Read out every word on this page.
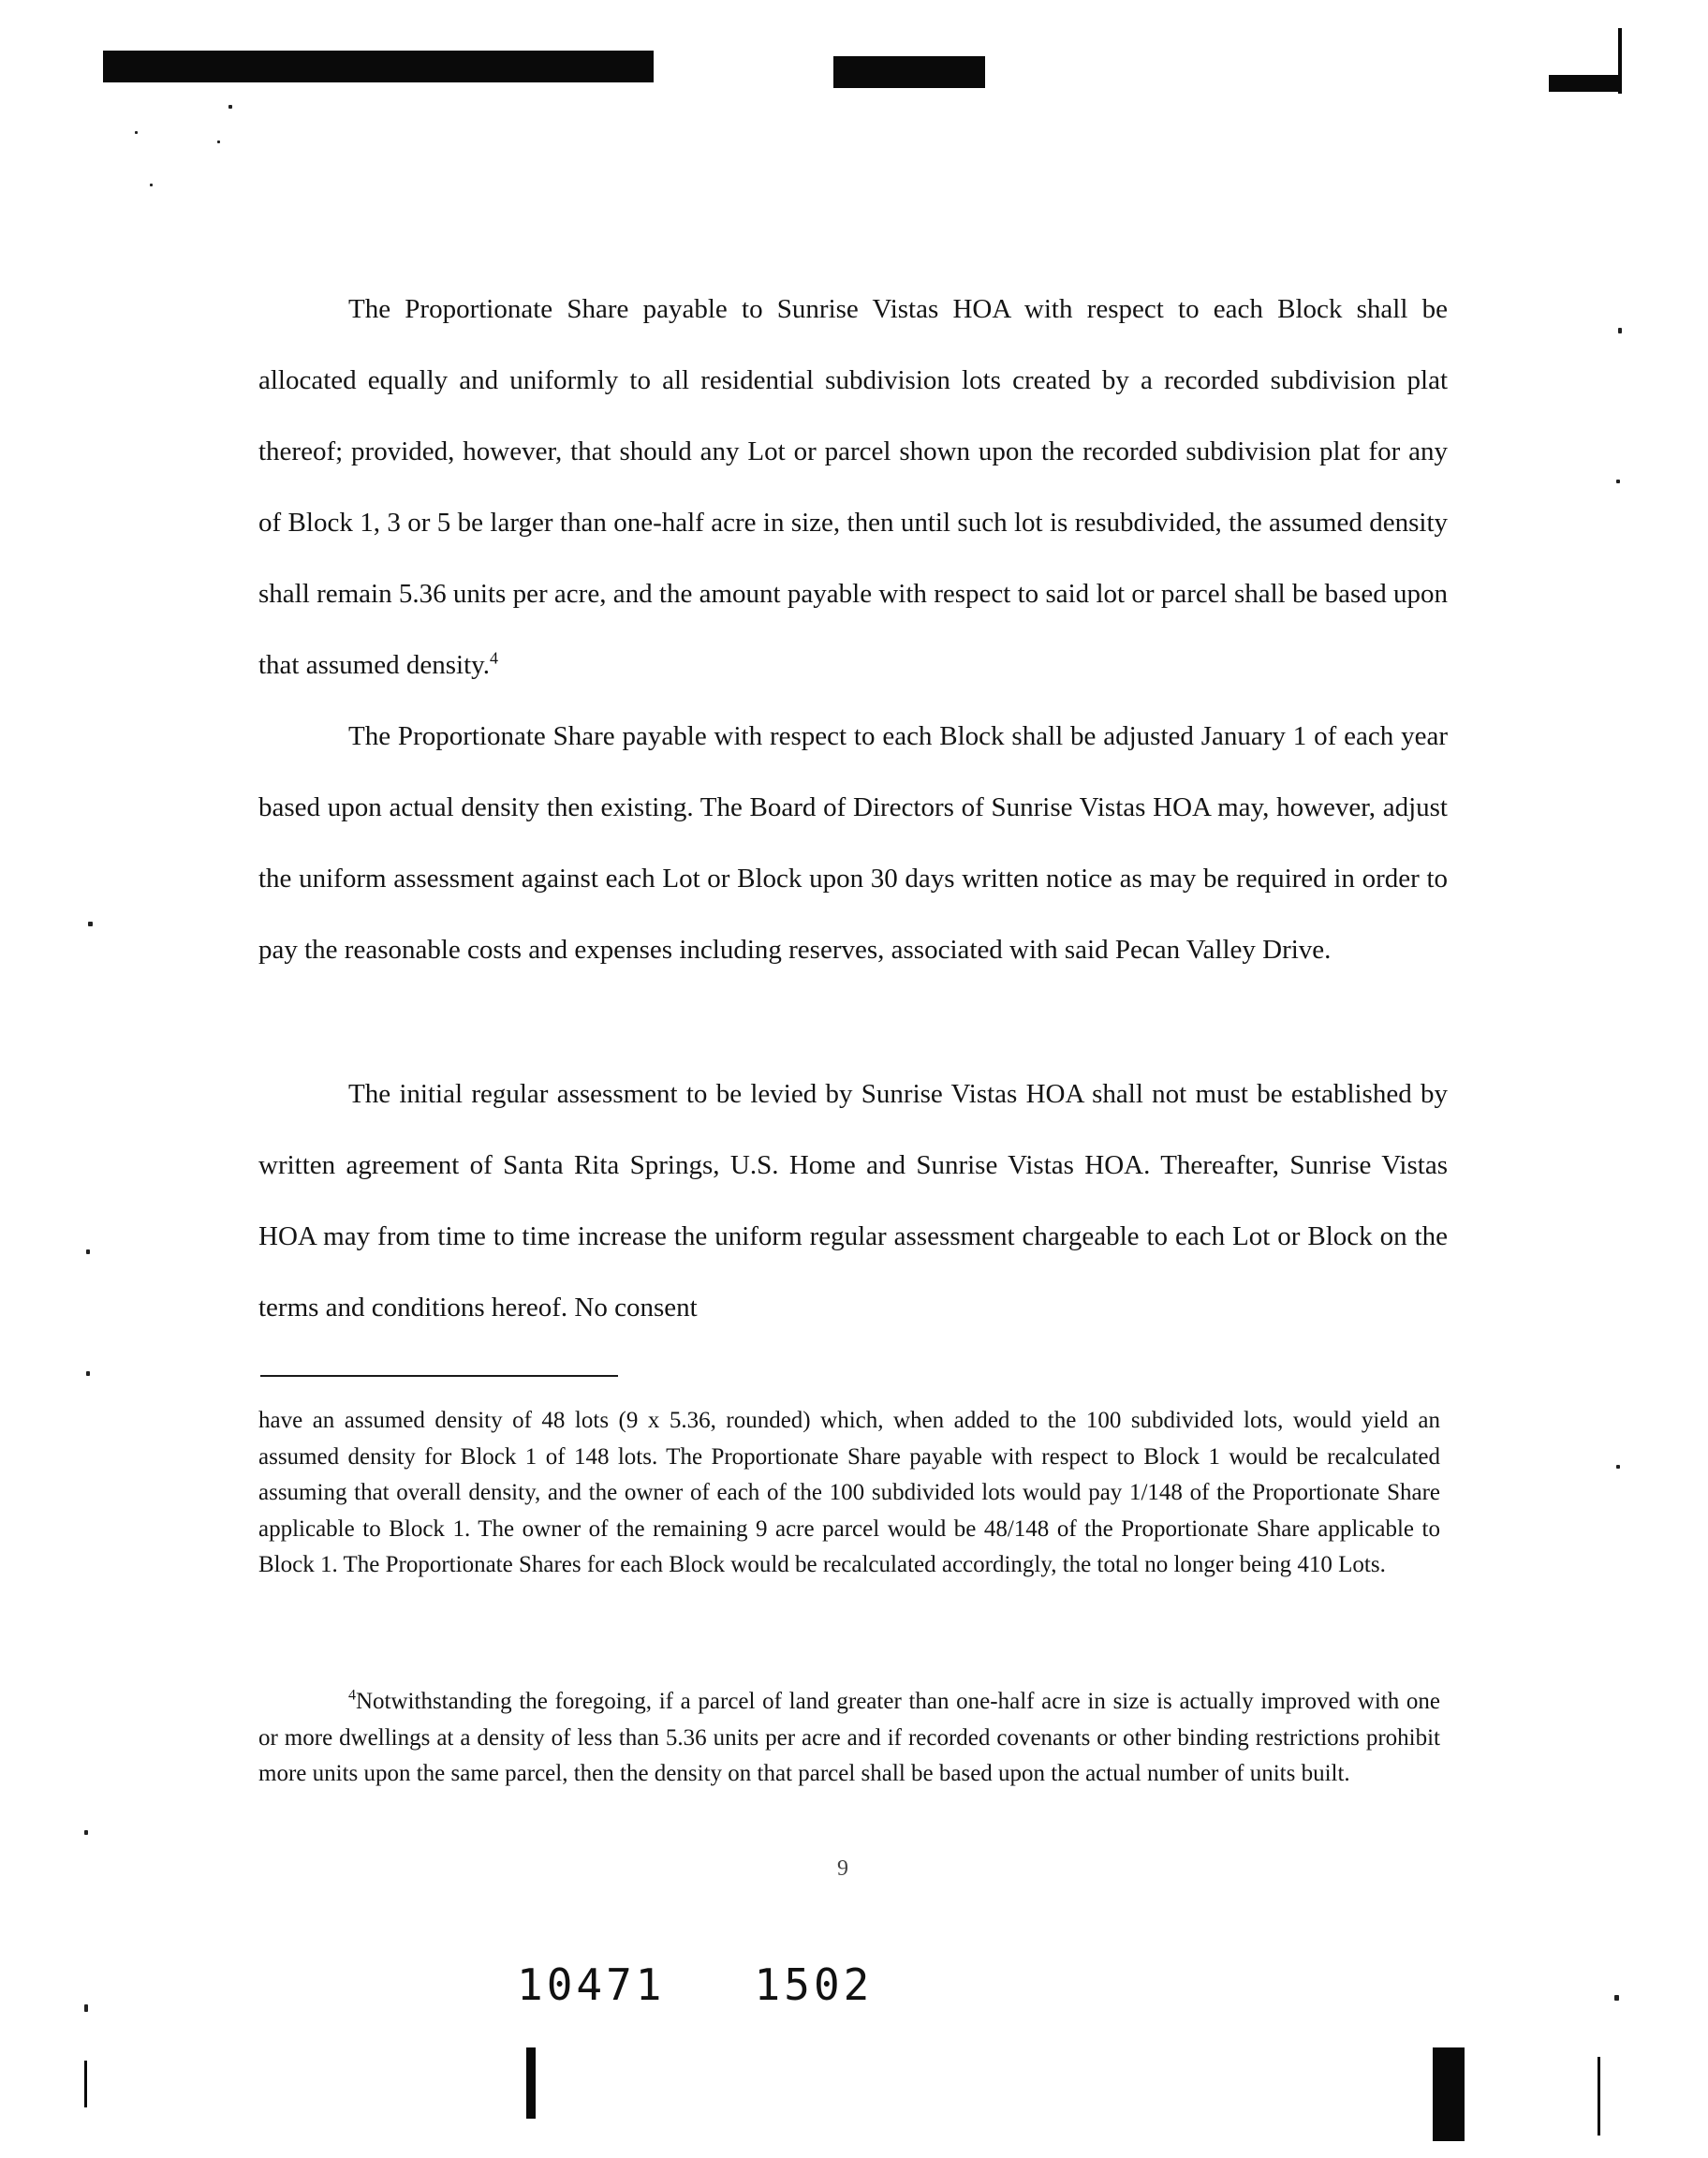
The Proportionate Share payable to Sunrise Vistas HOA with respect to each Block shall be allocated equally and uniformly to all residential subdivision lots created by a recorded subdivision plat thereof; provided, however, that should any Lot or parcel shown upon the recorded subdivision plat for any of Block 1, 3 or 5 be larger than one-half acre in size, then until such lot is resubdivided, the assumed density shall remain 5.36 units per acre, and the amount payable with respect to said lot or parcel shall be based upon that assumed density.$^4$

The Proportionate Share payable with respect to each Block shall be adjusted January 1 of each year based upon actual density then existing. The Board of Directors of Sunrise Vistas HOA may, however, adjust the uniform assessment against each Lot or Block upon 30 days written notice as may be required in order to pay the reasonable costs and expenses including reserves, associated with said Pecan Valley Drive.

The initial regular assessment to be levied by Sunrise Vistas HOA shall not must be established by written agreement of Santa Rita Springs, U.S. Home and Sunrise Vistas HOA. Thereafter, Sunrise Vistas HOA may from time to time increase the uniform regular assessment chargeable to each Lot or Block on the terms and conditions hereof. No consent

have an assumed density of 48 lots (9 x 5.36, rounded) which, when added to the 100 subdivided lots, would yield an assumed density for Block 1 of 148 lots. The Proportionate Share payable with respect to Block 1 would be recalculated assuming that overall density, and the owner of each of the 100 subdivided lots would pay 1/148 of the Proportionate Share applicable to Block 1. The owner of the remaining 9 acre parcel would be 48/148 of the Proportionate Share applicable to Block 1. The Proportionate Shares for each Block would be recalculated accordingly, the total no longer being 410 Lots.

$^4$Notwithstanding the foregoing, if a parcel of land greater than one-half acre in size is actually improved with one or more dwellings at a density of less than 5.36 units per acre and if recorded covenants or other binding restrictions prohibit more units upon the same parcel, then the density on that parcel shall be based upon the actual number of units built.

9
10471   1502
